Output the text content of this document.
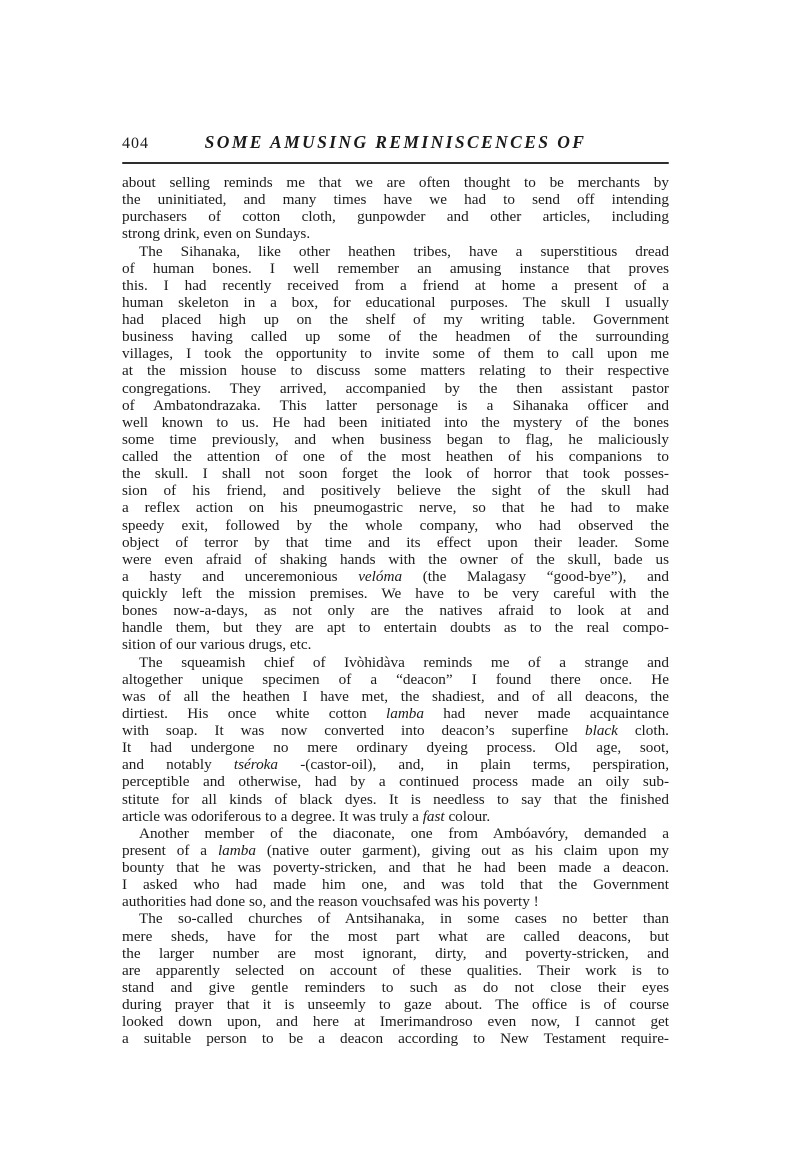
404	SOME AMUSING REMINISCENCES OF
about selling reminds me that we are often thought to be merchants by
the uninitiated, and many times have we had to send off intending
purchasers of cotton cloth, gunpowder and other articles, including
strong drink, even on Sundays.
The Sihanaka, like other heathen tribes, have a superstitious dread
of human bones. I well remember an amusing instance that proves
this. I had recently received from a friend at home a present of a
human skeleton in a box, for educational purposes. The skull I usually
had placed high up on the shelf of my writing table. Government
business having called up some of the headmen of the surrounding
villages, I took the opportunity to invite some of them to call upon me
at the mission house to discuss some matters relating to their respective
congregations. They arrived, accompanied by the then assistant pastor
of Ambatondrazaka. This latter personage is a Sihanaka officer and
well known to us. He had been initiated into the mystery of the bones
some time previously, and when business began to flag, he maliciously
called the attention of one of the most heathen of his companions to
the skull. I shall not soon forget the look of horror that took posses-
sion of his friend, and positively believe the sight of the skull had
a reflex action on his pneumogastric nerve, so that he had to make
speedy exit, followed by the whole company, who had observed the
object of terror by that time and its effect upon their leader. Some
were even afraid of shaking hands with the owner of the skull, bade us
a hasty and unceremonious velóma (the Malagasy “good-bye”), and
quickly left the mission premises. We have to be very careful with the
bones now-a-days, as not only are the natives afraid to look at and
handle them, but they are apt to entertain doubts as to the real compo-
sition of our various drugs, etc.
The squeamish chief of Ivòhidàva reminds me of a strange and
altogether unique specimen of a “deacon” I found there once. He
was of all the heathen I have met, the shadiest, and of all deacons, the
dirtiest. His once white cotton lamba had never made acquaintance
with soap. It was now converted into deacon’s superfine black cloth.
It had undergone no mere ordinary dyeing process. Old age, soot,
and notably tséroka -(castor-oil), and, in plain terms, perspiration,
perceptible and otherwise, had by a continued process made an oily sub-
stitute for all kinds of black dyes. It is needless to say that the finished
article was odoriferous to a degree. It was truly a fast colour.
Another member of the diaconate, one from Ambóavóry, demanded a
present of a lamba (native outer garment), giving out as his claim upon my
bounty that he was poverty-stricken, and that he had been made a deacon.
I asked who had made him one, and was told that the Government
authorities had done so, and the reason vouchsafed was his poverty !
The so-called churches of Antsihanaka, in some cases no better than
mere sheds, have for the most part what are called deacons, but
the larger number are most ignorant, dirty, and poverty-stricken, and
are apparently selected on account of these qualities. Their work is to
stand and give gentle reminders to such as do not close their eyes
during prayer that it is unseemly to gaze about. The office is of course
looked down upon, and here at Imerimandroso even now, I cannot get
a suitable person to be a deacon according to New Testament require-
